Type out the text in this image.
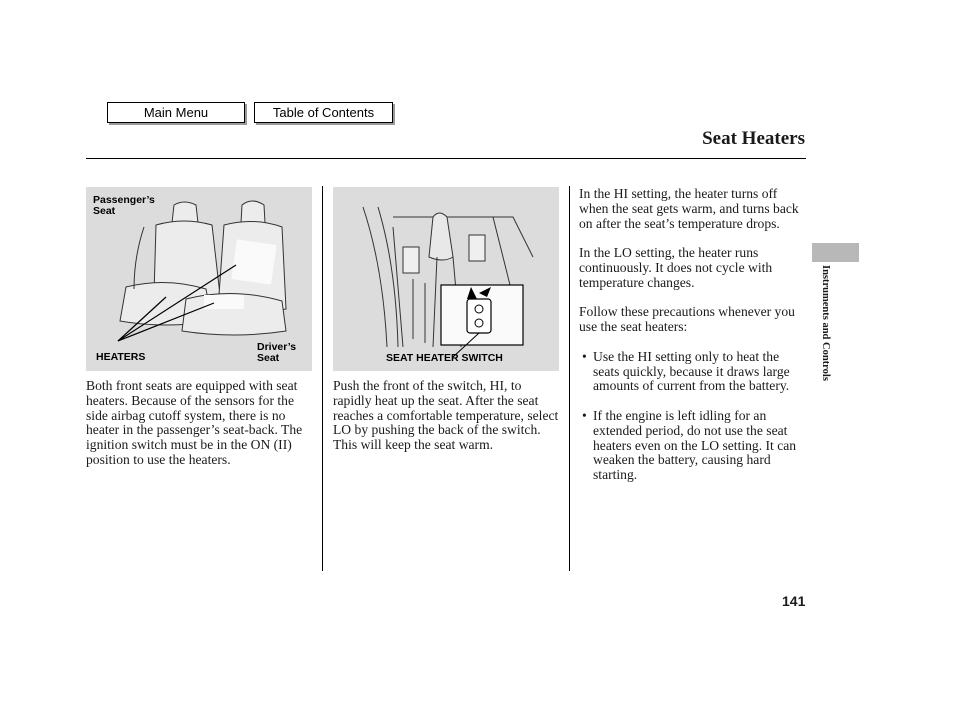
Main Menu	Table of Contents
Seat Heaters
Passenger’s
Seat
Driver’s
Seat
HEATERS	SEAT HEATER SWITCH

Both front seats are equipped with seat heaters. Because of the sensors for the side airbag cutoff system, there is no heater in the passenger’s seat-back. The ignition switch must be in the ON (II) position to use the heaters.

Push the front of the switch, HI, to rapidly heat up the seat. After the seat reaches a comfortable temperature, select LO by pushing the back of the switch. This will keep the seat warm.

In the HI setting, the heater turns off when the seat gets warm, and turns back on after the seat’s temperature drops.

In the LO setting, the heater runs continuously. It does not cycle with temperature changes.

Follow these precautions whenever you use the seat heaters:

• Use the HI setting only to heat the seats quickly, because it draws large amounts of current from the battery.
• If the engine is left idling for an extended period, do not use the seat heaters even on the LO setting. It can weaken the battery, causing hard starting.
Instruments and Controls
141
